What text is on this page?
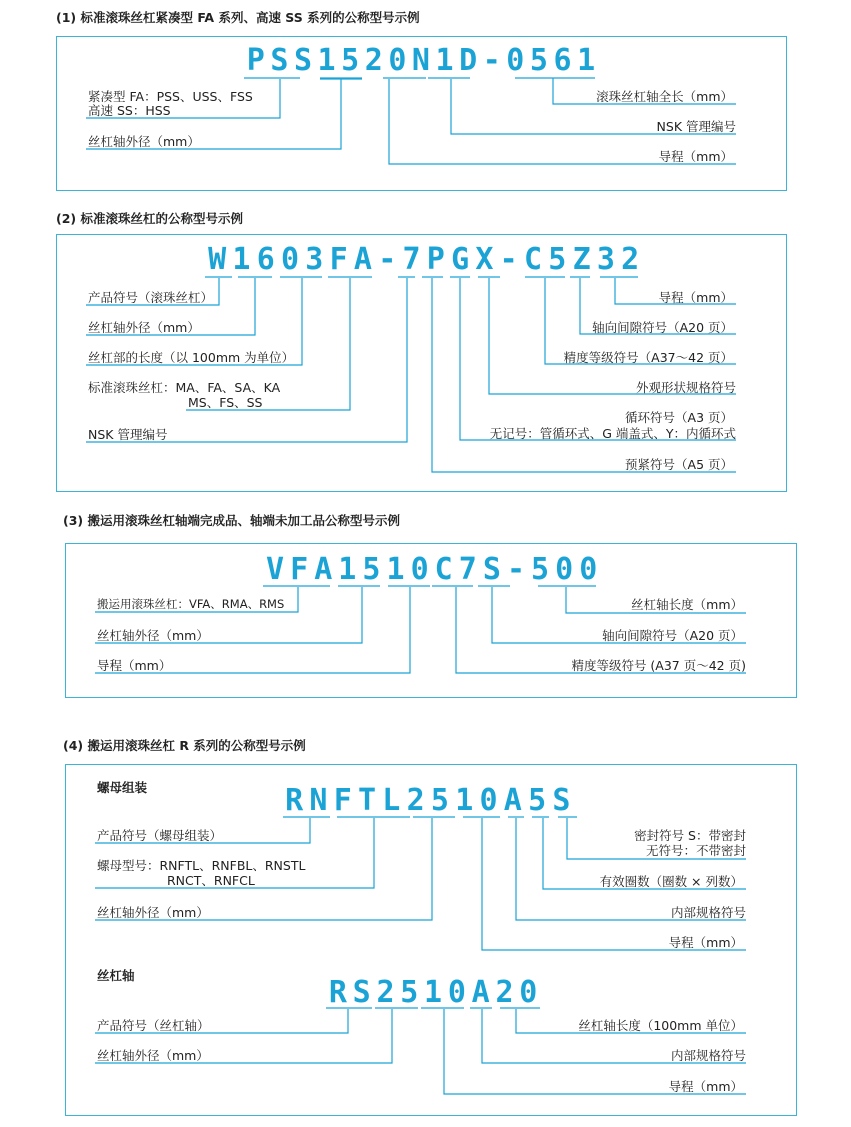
(1) 标准滚珠丝杠紧凑型 FA 系列、高速 SS 系列的公称型号示例
P S S 1 5 2 0 N 1 D - 0 5 6 1
紧凑型 FA：PSS、USS、FSS
高速 SS：HSS
丝杠轴外径（mm）
滚珠丝杠轴全长（mm）
NSK 管理编号
导程（mm）
(2) 标准滚珠丝杠的公称型号示例
W 1 6 0 3 F A - 7 P G X - C 5 Z 3 2
产品符号（滚珠丝杠）
丝杠轴外径（mm）
丝杠部的长度（以 100mm 为单位）
标准滚珠丝杠：MA、FA、SA、KA
MS、FS、SS
NSK 管理编号
导程（mm）
轴向间隙符号（A20 页）
精度等级符号（A37～42 页）
外观形状规格符号
循环符号（A3 页）
无记号：管循环式、G 端盖式、Y：内循环式
预紧符号（A5 页）
(3) 搬运用滚珠丝杠轴端完成品、轴端未加工品公称型号示例
V F A 1 5 1 0 C 7 S - 5 0 0
搬运用滚珠丝杠：VFA、RMA、RMS
丝杠轴外径（mm）
导程（mm）
丝杠轴长度（mm）
轴向间隙符号（A20 页）
精度等级符号 (A37 页～42 页)
(4) 搬运用滚珠丝杠 R 系列的公称型号示例
螺母组装	R N F T L 2 5 1 0 A 5 S
产品符号（螺母组装）
螺母型号：RNFTL、RNFBL、RNSTL
RNCT、RNFCL
丝杠轴外径（mm）
密封符号 S：带密封
无符号：不带密封
有效圈数（圈数 × 列数）
内部规格符号
导程（mm）
丝杠轴	R S 2 5 1 0 A 2 0
产品符号（丝杠轴）
丝杠轴外径（mm）
丝杠轴长度（100mm 单位）
内部规格符号
导程（mm）
